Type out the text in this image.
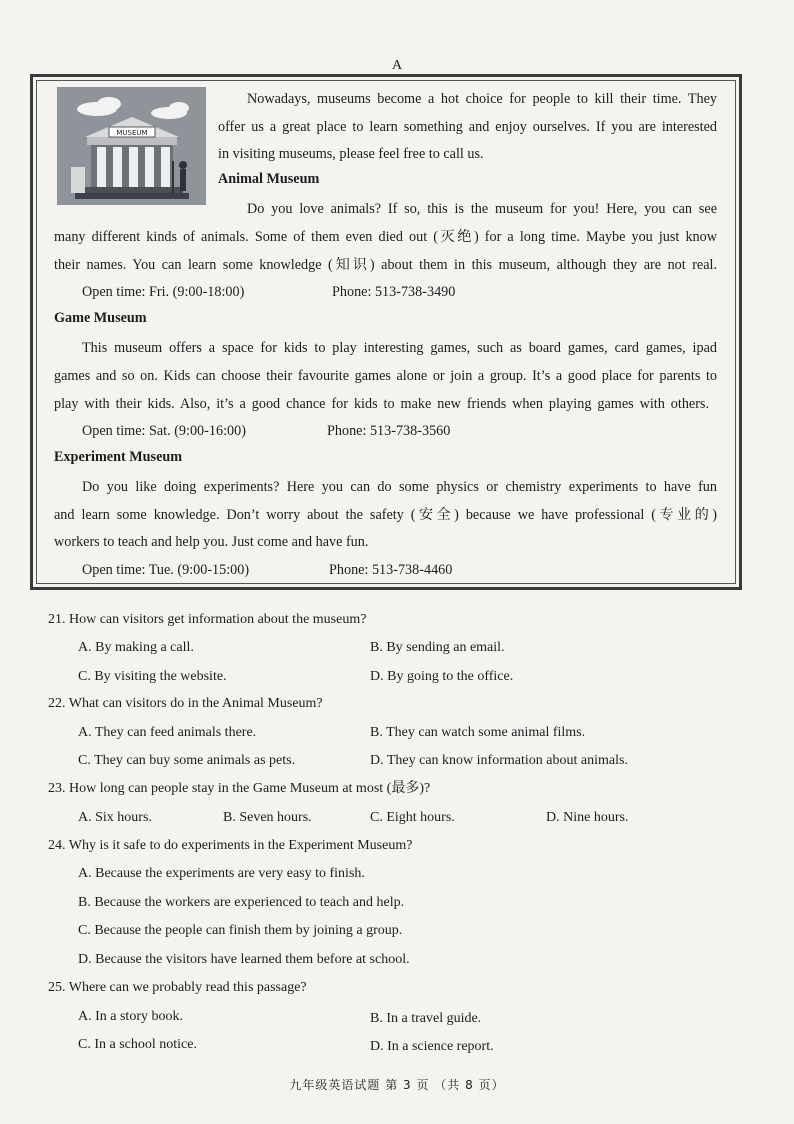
A
MUSEUM
Nowadays, museums become a hot choice for people to kill their time. They
offer us a great place to learn something and enjoy ourselves. If you are interested
in visiting museums, please feel free to call us.
Animal Museum
Do you love animals? If so, this is the museum for you! Here, you can see
many different kinds of animals. Some of them even died out (灭绝) for a long time. Maybe you just know
their names. You can learn some knowledge (知识) about them in this museum, although they are not real.
Open time: Fri. (9:00-18:00)	Phone: 513-738-3490
Game Museum
This museum offers a space for kids to play interesting games, such as board games, card games, ipad
games and so on. Kids can choose their favourite games alone or join a group. It’s a good place for parents to
play with their kids. Also, it’s a good chance for kids to make new friends when playing games with others.
Open time: Sat. (9:00-16:00)	Phone: 513-738-3560
Experiment Museum
Do you like doing experiments? Here you can do some physics or chemistry experiments to have fun
and learn some knowledge. Don’t worry about the safety (安全) because we have professional (专业的)
workers to teach and help you. Just come and have fun.
Open time: Tue. (9:00-15:00)	Phone: 513-738-4460
21. How can visitors get information about the museum?
A. By making a call.	B. By sending an email.
C. By visiting the website.	D. By going to the office.
22. What can visitors do in the Animal Museum?
A. They can feed animals there.	B. They can watch some animal films.
C. They can buy some animals as pets.	D. They can know information about animals.
23. How long can people stay in the Game Museum at most (最多)?
A. Six hours.	B. Seven hours.	C. Eight hours.	D. Nine hours.
24. Why is it safe to do experiments in the Experiment Museum?
A. Because the experiments are very easy to finish.
B. Because the workers are experienced to teach and help.
C. Because the people can finish them by joining a group.
D. Because the visitors have learned them before at school.
25. Where can we probably read this passage?
A. In a story book.	B. In a travel guide.
C. In a school notice.	D. In a science report.
九年级英语试题 第 3 页 （共 8 页）
